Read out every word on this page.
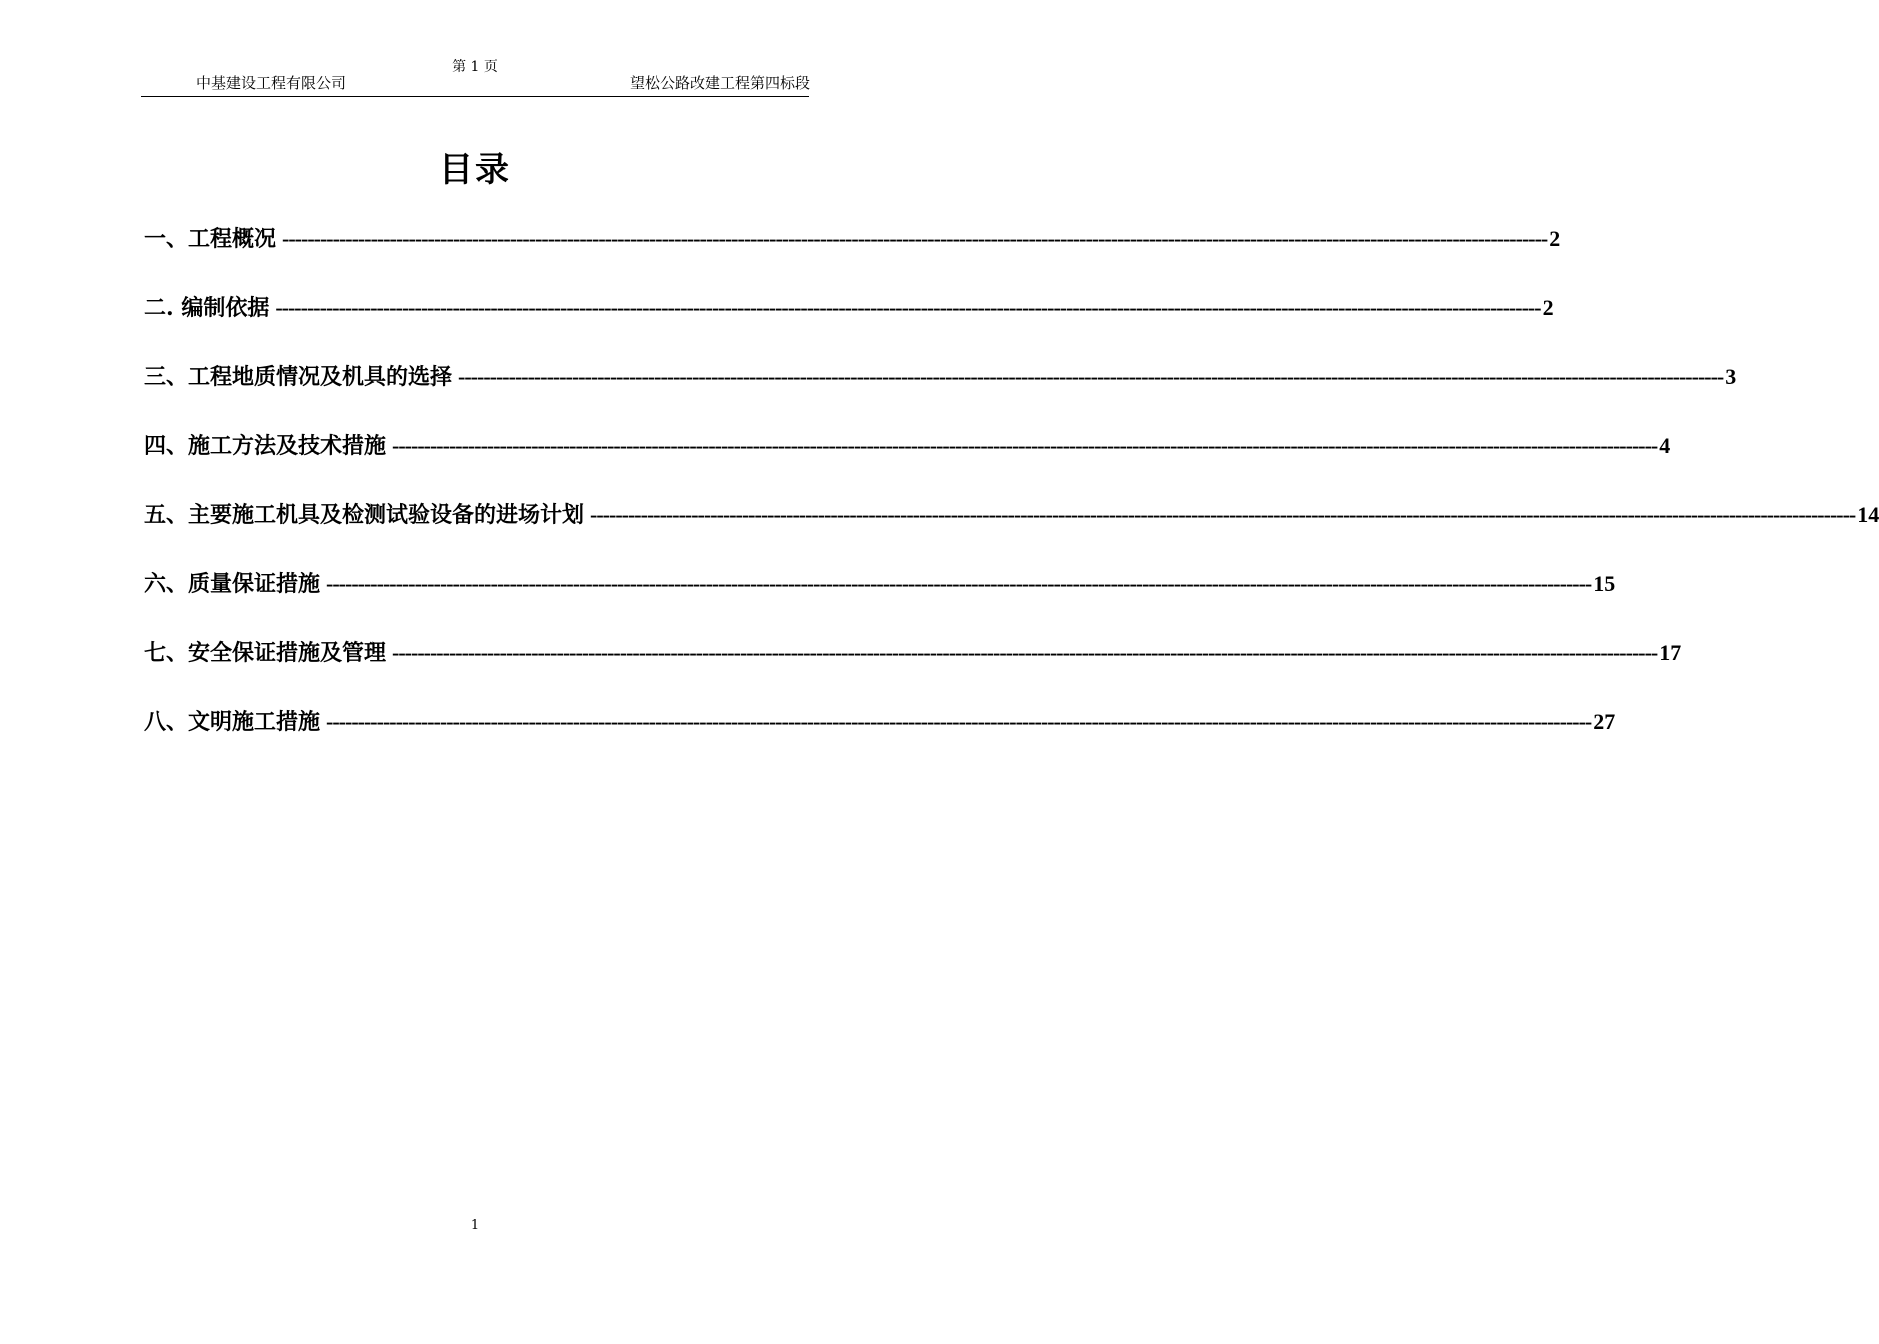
第 1 页
中基建设工程有限公司	望松公路改建工程第四标段
目录
一、工程概况 -------------------------------------------------------------------------------------------------------------------------------------------------------------------------------------------------------- 2
二. 编制依据 -------------------------------------------------------------------------------------------------------------------------------------------------------------------------------------------------------- 2
三、工程地质情况及机具的选择 -------------------------------------------------------------------------------------------------------------------------------------------------------------------------------------------------------- 3
四、施工方法及技术措施 -------------------------------------------------------------------------------------------------------------------------------------------------------------------------------------------------------- 4
五、主要施工机具及检测试验设备的进场计划 -------------------------------------------------------------------------------------------------------------------------------------------------------------------------------------------------------- 14
六、质量保证措施 -------------------------------------------------------------------------------------------------------------------------------------------------------------------------------------------------------- 15
七、安全保证措施及管理 -------------------------------------------------------------------------------------------------------------------------------------------------------------------------------------------------------- 17
八、文明施工措施 -------------------------------------------------------------------------------------------------------------------------------------------------------------------------------------------------------- 27
1
